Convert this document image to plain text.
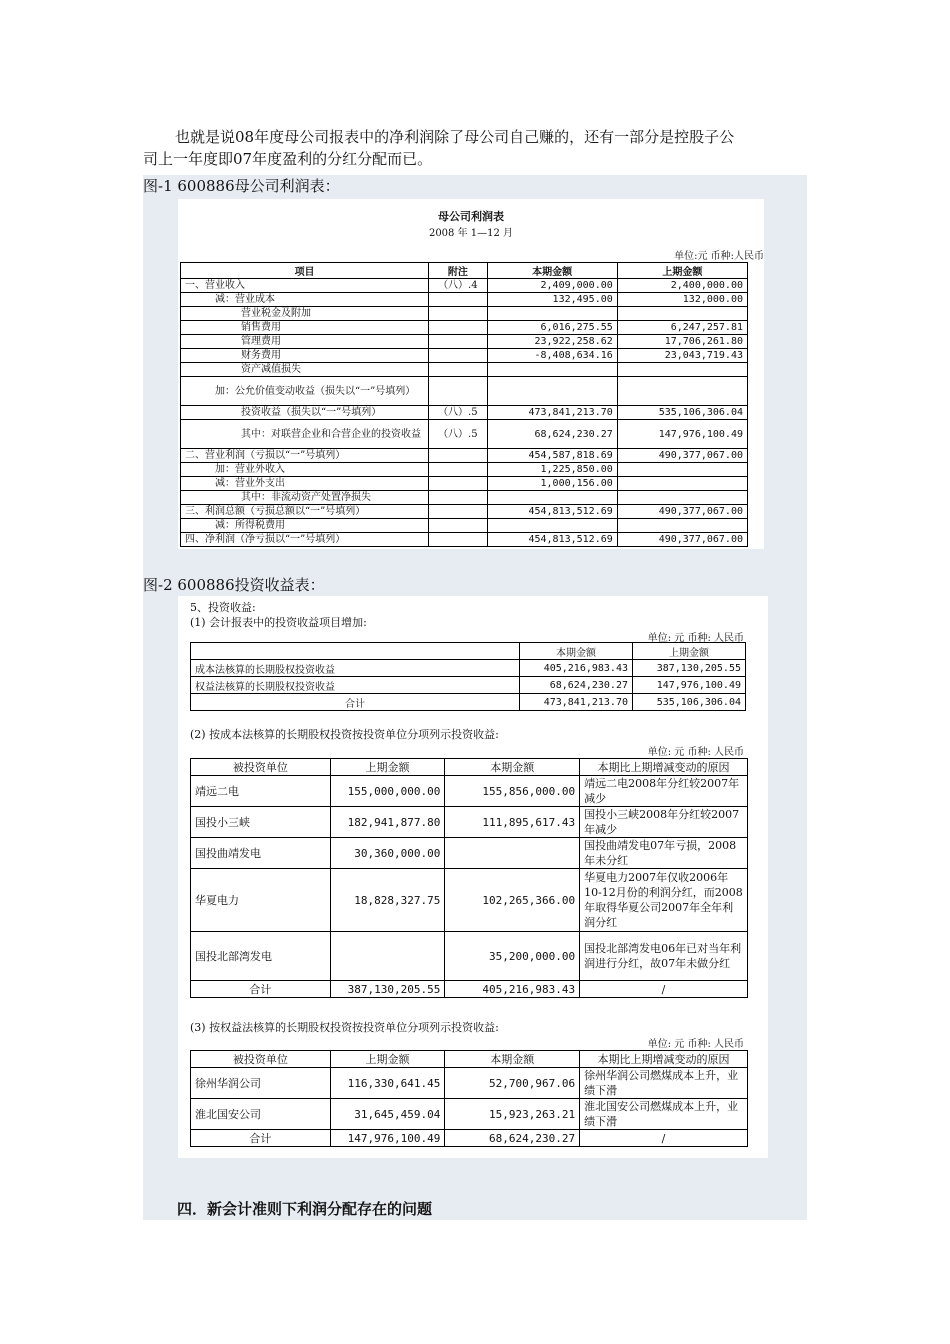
也就是说08年度母公司报表中的净利润除了母公司自己赚的，还有一部分是控股子公
司上一年度即07年度盈利的分红分配而已。
图-1 600886母公司利润表：
母公司利润表
2008 年 1—12 月
单位:元 币种:人民币
项目	附注	本期金额	上期金额
一、营业收入	（八）.4	2,409,000.00	2,400,000.00
减：营业成本		132,495.00	132,000.00
营业税金及附加			
销售费用		6,016,275.55	6,247,257.81
管理费用		23,922,258.62	17,706,261.80
财务费用		-8,408,634.16	23,043,719.43
资产减值损失			
加：公允价值变动收益（损失以“一”号填列）			
投资收益（损失以“一”号填列）	（八）.5	473,841,213.70	535,106,306.04
其中：对联营企业和合营企业的投资收益	（八）.5	68,624,230.27	147,976,100.49
二、营业利润（亏损以“一”号填列）		454,587,818.69	490,377,067.00
加：营业外收入		1,225,850.00	
减：营业外支出		1,000,156.00	
其中：非流动资产处置净损失			
三、利润总额（亏损总额以“一”号填列）		454,813,512.69	490,377,067.00
减：所得税费用			
四、净利润（净亏损以“一”号填列）		454,813,512.69	490,377,067.00
图-2 600886投资收益表：
5、投资收益:
(1) 会计报表中的投资收益项目增加:
单位: 元 币种: 人民币
	本期金额	上期金额
成本法核算的长期股权投资收益	405,216,983.43	387,130,205.55
权益法核算的长期股权投资收益	68,624,230.27	147,976,100.49
合计	473,841,213.70	535,106,306.04
(2) 按成本法核算的长期股权投资按投资单位分项列示投资收益:
单位: 元 币种: 人民币
被投资单位	上期金额	本期金额	本期比上期增减变动的原因
靖远二电	155,000,000.00	155,856,000.00	靖远二电2008年分红较2007年减少
国投小三峡	182,941,877.80	111,895,617.43	国投小三峡2008年分红较2007年减少
国投曲靖发电	30,360,000.00		国投曲靖发电07年亏损，2008年未分红
华夏电力	18,828,327.75	102,265,366.00	华夏电力2007年仅收2006年10-12月份的利润分红，而2008年取得华夏公司2007年全年利润分红
国投北部湾发电		35,200,000.00	国投北部湾发电06年已对当年利润进行分红，故07年未做分红
合计	387,130,205.55	405,216,983.43	/
(3) 按权益法核算的长期股权投资按投资单位分项列示投资收益:
单位: 元 币种: 人民币
被投资单位	上期金额	本期金额	本期比上期增减变动的原因
徐州华润公司	116,330,641.45	52,700,967.06	徐州华润公司燃煤成本上升，业绩下滑
淮北国安公司	31,645,459.04	15,923,263.21	淮北国安公司燃煤成本上升，业绩下滑
合计	147,976,100.49	68,624,230.27	/
四．新会计准则下利润分配存在的问题
